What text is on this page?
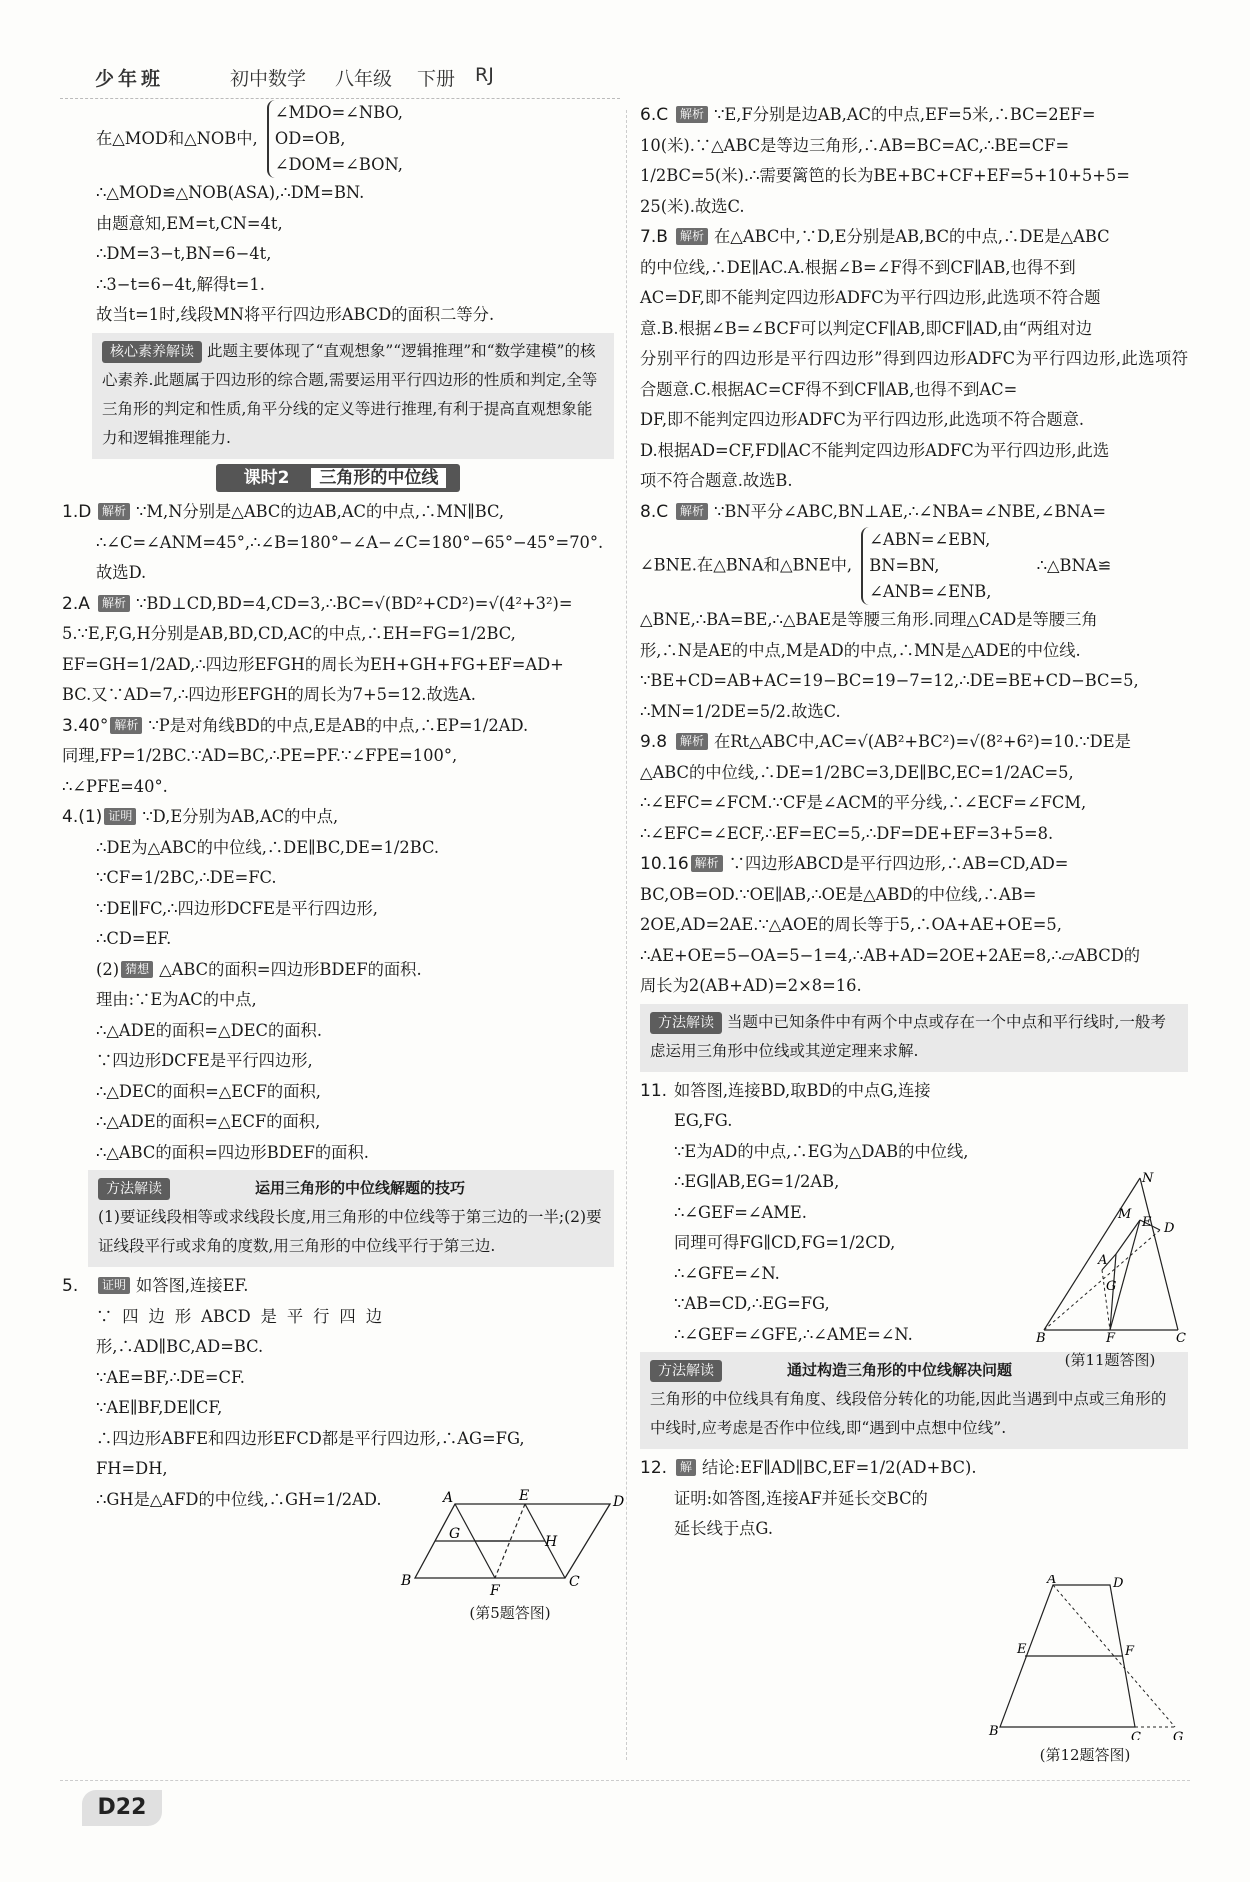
少年班	初中数学 八年级 下册 RJ

在△MOD和△NOB中,
∠MDO=∠NBO,
OD=OB,
∠DOM=∠BON,

∴△MOD≌△NOB(ASA),∴DM=BN.

由题意知,EM=t,CN=4t,

∴DM=3−t,BN=6−4t,

∴3−t=6−4t,解得t=1.

故当t=1时,线段MN将平行四边形ABCD的面积二等分.

核心素养解读 此题主要体现了“直观想象”“逻辑推理”和“数学建模”的核心素养.此题属于四边形的综合题,需要运用平行四边形的性质和判定,全等三角形的判定和性质,角平分线的定义等进行推理,有利于提高直观想象能力和逻辑推理能力.
课时2 三角形的中位线

1.D 解析 ∵M,N分别是△ABC的边AB,AC的中点,∴MN∥BC,

∴∠C=∠ANM=45°,∴∠B=180°−∠A−∠C=180°−65°−45°=70°.

故选D.

2.A 解析 ∵BD⊥CD,BD=4,CD=3,∴BC=√(BD²+CD²)=√(4²+3²)=

5.∵E,F,G,H分别是AB,BD,CD,AC的中点,∴EH=FG=1/2BC,

EF=GH=1/2AD,∴四边形EFGH的周长为EH+GH+FG+EF=AD+

BC.又∵AD=7,∴四边形EFGH的周长为7+5=12.故选A.

3.40° 解析 ∵P是对角线BD的中点,E是AB的中点,∴EP=1/2AD.

同理,FP=1/2BC.∵AD=BC,∴PE=PF.∵∠FPE=100°,

∴∠PFE=40°.

4.(1) 证明 ∵D,E分别为AB,AC的中点,

∴DE为△ABC的中位线,∴DE∥BC,DE=1/2BC.

∵CF=1/2BC,∴DE=FC.

∵DE∥FC,∴四边形DCFE是平行四边形,

∴CD=EF.

(2) 猜想 △ABC的面积=四边形BDEF的面积.

理由:∵E为AC的中点,

∴△ADE的面积=△DEC的面积.

∵四边形DCFE是平行四边形,

∴△DEC的面积=△ECF的面积,

∴△ADE的面积=△ECF的面积,

∴△ABC的面积=四边形BDEF的面积.

方法解读	运用三角形的中位线解题的技巧
(1)要证线段相等或求线段长度,用三角形的中位线等于第三边的一半;(2)要证线段平行或求角的度数,用三角形的中位线平行于第三边.

5. 证明 如答图,连接EF.

∵四边形ABCD是平行四边形,∴AD∥BC,AD=BC.

∵AE=BF,∴DE=CF.

∵AE∥BF,DE∥CF,

∴四边形ABFE和四边形EFCD都是平行四边形,∴AG=FG,

FH=DH,

∴GH是△AFD的中位线,∴GH=1/2AD.	A	E	D
B
F
C
G	H
(第5题答图)

6.C 解析 ∵E,F分别是边AB,AC的中点,EF=5米,∴BC=2EF=

10(米).∵△ABC是等边三角形,∴AB=BC=AC,∴BE=CF=

1/2BC=5(米).∴需要篱笆的长为BE+BC+CF+EF=5+10+5+5=

25(米).故选C.

7.B 解析 在△ABC中,∵D,E分别是AB,BC的中点,∴DE是△ABC

的中位线,∴DE∥AC.A.根据∠B=∠F得不到CF∥AB,也得不到

AC=DF,即不能判定四边形ADFC为平行四边形,此选项不符合题

意.B.根据∠B=∠BCF可以判定CF∥AB,即CF∥AD,由“两组对边

分别平行的四边形是平行四边形”得到四边形ADFC为平行四边形,此选项符合题意.C.根据AC=CF得不到CF∥AB,也得不到AC=

DF,即不能判定四边形ADFC为平行四边形,此选项不符合题意.

D.根据AD=CF,FD∥AC不能判定四边形ADFC为平行四边形,此选

项不符合题意.故选B.

8.C 解析 ∵BN平分∠ABC,BN⊥AE,∴∠NBA=∠NBE,∠BNA=

∠BNE.在△BNA和△BNE中,
∠ABN=∠EBN,
BN=BN,
∠ANB=∠ENB,
∴△BNA≌

△BNE,∴BA=BE,∴△BAE是等腰三角形.同理△CAD是等腰三角

形,∴N是AE的中点,M是AD的中点,∴MN是△ADE的中位线.

∵BE+CD=AB+AC=19−BC=19−7=12,∴DE=BE+CD−BC=5,

∴MN=1/2DE=5/2.故选C.

9.8 解析 在Rt△ABC中,AC=√(AB²+BC²)=√(8²+6²)=10.∵DE是

△ABC的中位线,∴DE=1/2BC=3,DE∥BC,EC=1/2AC=5,

∴∠EFC=∠FCM.∵CF是∠ACM的平分线,∴∠ECF=∠FCM,

∴∠EFC=∠ECF,∴EF=EC=5,∴DF=DE+EF=3+5=8.

10.16 解析 ∵四边形ABCD是平行四边形,∴AB=CD,AD=

BC,OB=OD.∵OE∥AB,∴OE是△ABD的中位线,∴AB=

2OE,AD=2AE.∵△AOE的周长等于5,∴OA+AE+OE=5,

∴AE+OE=5−OA=5−1=4,∴AB+AD=2OE+2AE=8,∴▱ABCD的

周长为2(AB+AD)=2×8=16.

方法解读 当题中已知条件中有两个中点或存在一个中点和平行线时,一般考虑运用三角形中位线或其逆定理来求解.

11. 如答图,连接BD,取BD的中点G,连接

EG,FG.

∵E为AD的中点,∴EG为△DAB的中位线,

∴EG∥AB,EG=1/2AB,

∴∠GEF=∠AME.

同理可得FG∥CD,FG=1/2CD,

∴∠GFE=∠N.

∵AB=CD,∴EG=FG,

∴∠GEF=∠GFE,∴∠AME=∠N.

方法解读	通过构造三角形的中位线解决问题
三角形的中位线具有角度、线段倍分转化的功能,因此当遇到中点或三角形的中线时,应考虑是否作中位线,即“遇到中点想中位线”.

12. 解 结论:EF∥AD∥BC,EF=1/2(AD+BC).

证明:如答图,连接AF并延长交BC的

延长线于点G.

N
M
E D
A
G
B	F	C
(第11题答图)
A	D
E	F
B	C G
(第12题答图)
D22
